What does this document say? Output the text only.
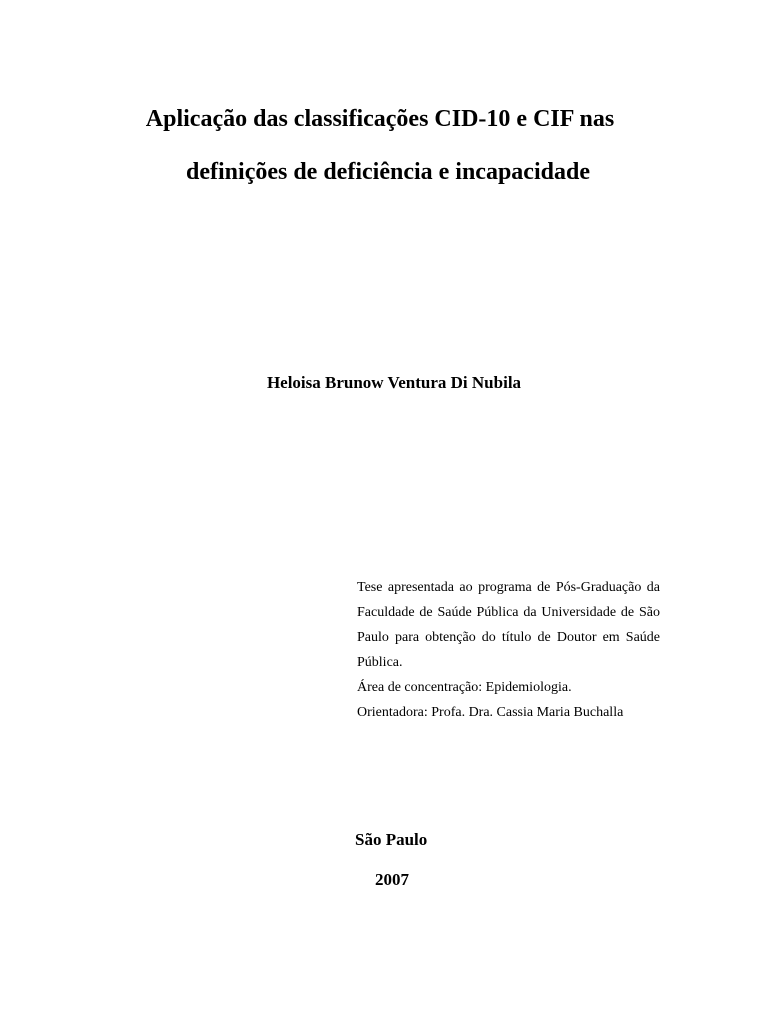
Aplicação das classificações CID-10 e CIF nas
definições de deficiência e incapacidade
Heloisa Brunow Ventura Di Nubila

Tese apresentada ao programa de Pós-Graduação da Faculdade de Saúde Pública da Universidade de São Paulo para obtenção do título de Doutor em Saúde Pública.

Área de concentração: Epidemiologia.

Orientadora: Profa. Dra. Cassia Maria Buchalla

São Paulo
2007
